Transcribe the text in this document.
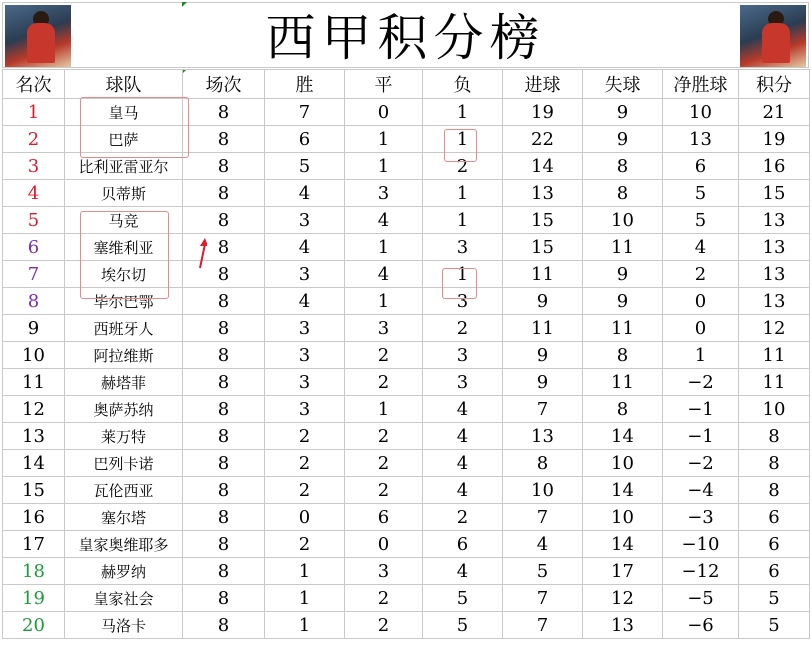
西甲积分榜
名次	球队	场次	胜	平	负	进球	失球	净胜球	积分
1	皇马	8	7	0	1	19	9	10	21
2	巴萨	8	6	1	1	22	9	13	19
3	比利亚雷亚尔	8	5	1	2	14	8	6	16
4	贝蒂斯	8	4	3	1	13	8	5	15
5	马竞	8	3	4	1	15	10	5	13
6	塞维利亚	8	4	1	3	15	11	4	13
7	埃尔切	8	3	4	1	11	9	2	13
8	毕尔巴鄂	8	4	1	3	9	9	0	13
9	西班牙人	8	3	3	2	11	11	0	12
10	阿拉维斯	8	3	2	3	9	8	1	11
11	赫塔菲	8	3	2	3	9	11	−2	11
12	奥萨苏纳	8	3	1	4	7	8	−1	10
13	莱万特	8	2	2	4	13	14	−1	8
14	巴列卡诺	8	2	2	4	8	10	−2	8
15	瓦伦西亚	8	2	2	4	10	14	−4	8
16	塞尔塔	8	0	6	2	7	10	−3	6
17	皇家奥维耶多	8	2	0	6	4	14	−10	6
18	赫罗纳	8	1	3	4	5	17	−12	6
19	皇家社会	8	1	2	5	7	12	−5	5
20	马洛卡	8	1	2	5	7	13	−6	5
